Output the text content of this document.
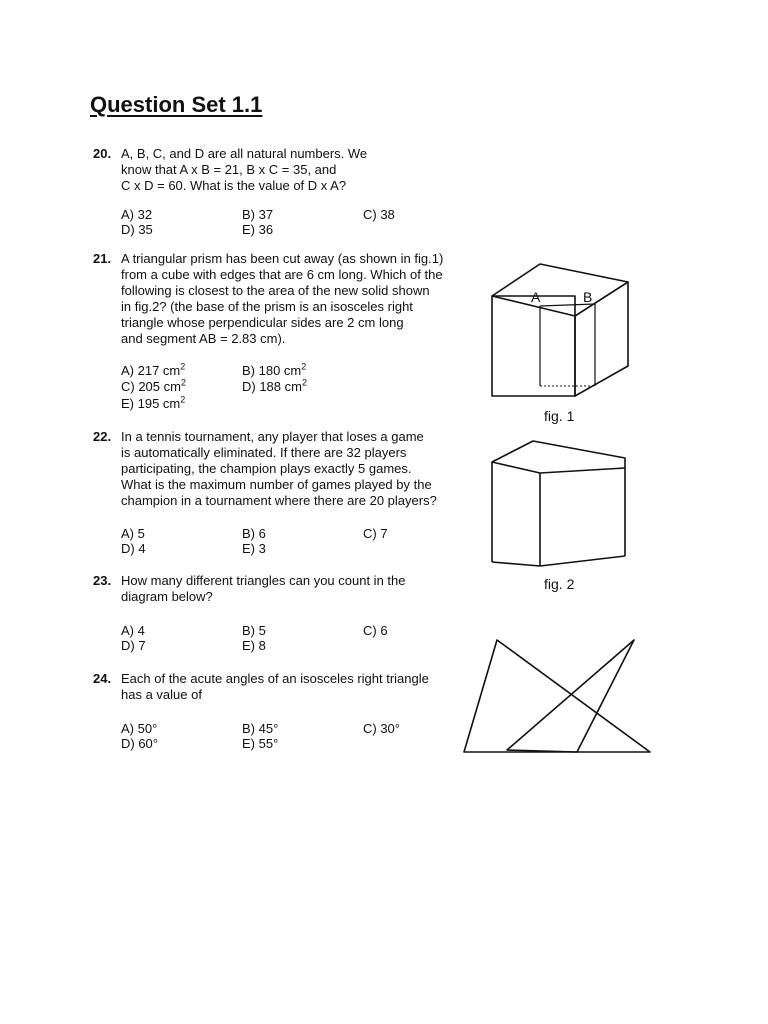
Question Set 1.1
20. A, B, C, and D are all natural numbers. We
know that A x B = 21, B x C = 35, and
C x D = 60. What is the value of D x A?
A) 32	B) 37	C) 38
D) 35	E) 36
21. A triangular prism has been cut away (as shown in fig.1)
from a cube with edges that are 6 cm long. Which of the
following is closest to the area of the new solid shown
in fig.2? (the base of the prism is an isosceles right
triangle whose perpendicular sides are 2 cm long
and segment AB = 2.83 cm).
A) 217 $cm^2$	B) 180 $cm^2$
C) 205 $cm^2$	D) 188 $cm^2$
E) 195 $cm^2$
22. In a tennis tournament, any player that loses a game
is automatically eliminated. If there are 32 players
participating, the champion plays exactly 5 games.
What is the maximum number of games played by the
champion in a tournament where there are 20 players?
A) 5	B) 6	C) 7
D) 4	E) 3
23. How many different triangles can you count in the
diagram below?
A) 4	B) 5	C) 6
D) 7	E) 8
24. Each of the acute angles of an isosceles right triangle
has a value of
A) 50°	B) 45°	C) 30°
D) 60°	E) 55°
A	B
fig. 1
fig. 2
